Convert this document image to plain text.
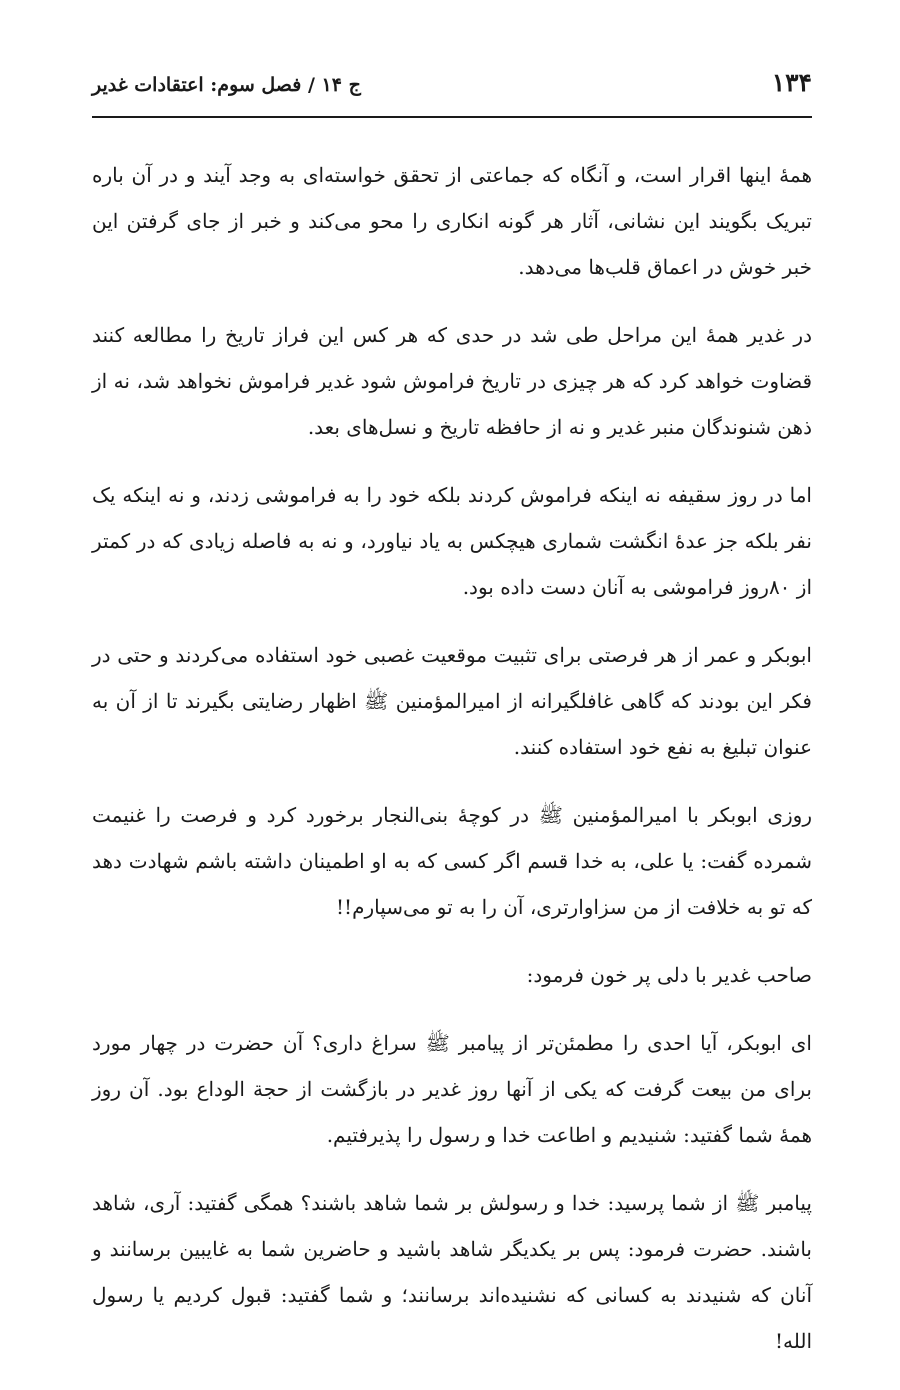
۱۳۴
ج ۱۴ / فصل سوم: اعتقادات غدیر

همهٔ اینها اقرار است، و آنگاه که جماعتی از تحقق خواسته‌ای به وجد آیند و در آن باره تبریک بگویند این نشانی، آثار هر گونه انکاری را محو می‌کند و خبر از جای گرفتن این خبر خوش در اعماق قلب‌ها می‌دهد.

در غدیر همهٔ این مراحل طی شد در حدی که هر کس این فراز تاریخ را مطالعه کنند قضاوت خواهد کرد که هر چیزی در تاریخ فراموش شود غدیر فراموش نخواهد شد، نه از ذهن شنوندگان منبر غدیر و نه از حافظه تاریخ و نسل‌های بعد.

اما در روز سقیفه نه اینکه فراموش کردند بلکه خود را به فراموشی زدند، و نه اینکه یک نفر بلکه جز عدهٔ انگشت شماری هیچکس به یاد نیاورد، و نه به فاصله زیادی که در کمتر از ۸۰روز فراموشی به آنان دست داده بود.

ابوبکر و عمر از هر فرصتی برای تثبیت موقعیت غصبی خود استفاده می‌کردند و حتی در فکر این بودند که گاهی غافلگیرانه از امیرالمؤمنین ﷺ اظهار رضایتی بگیرند تا از آن به عنوان تبلیغ به نفع خود استفاده کنند.

روزی ابوبکر با امیرالمؤمنین ﷺ در کوچهٔ بنی‌النجار برخورد کرد و فرصت را غنیمت شمرده گفت: یا علی، به خدا قسم اگر کسی که به او اطمینان داشته باشم شهادت دهد که تو به خلافت از من سزاوارتری، آن را به تو می‌سپارم!!

صاحب غدیر با دلی پر خون فرمود:

ای ابوبکر، آیا احدی را مطمئن‌تر از پیامبر ﷺ سراغ داری؟ آن حضرت در چهار مورد برای من بیعت گرفت که یکی از آنها روز غدیر در بازگشت از حجة الوداع بود. آن روز همهٔ شما گفتید: شنیدیم و اطاعت خدا و رسول را پذیرفتیم.

پیامبر ﷺ از شما پرسید: خدا و رسولش بر شما شاهد باشند؟ همگی گفتید: آری، شاهد باشند. حضرت فرمود: پس بر یکدیگر شاهد باشید و حاضرین شما به غایبین برسانند و آنان که شنیدند به کسانی که نشنیده‌اند برسانند؛ و شما گفتید: قبول کردیم یا رسول الله!
